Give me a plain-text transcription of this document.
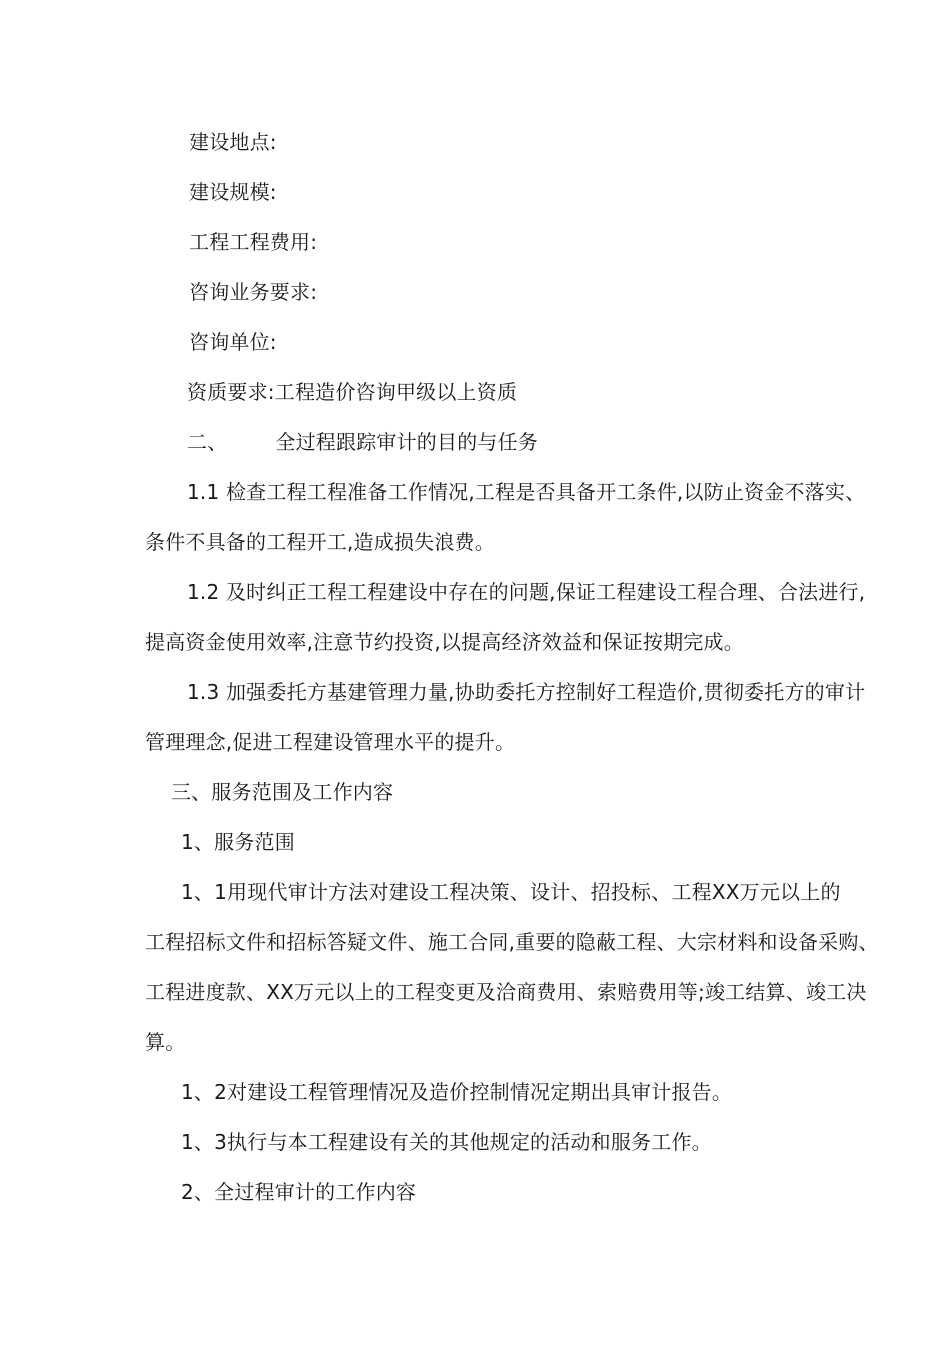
建设地点:
建设规模:
工程工程费用:
咨询业务要求:
咨询单位:
资质要求:工程造价咨询甲级以上资质
二、 全过程跟踪审计的目的与任务
1.1 检查工程工程准备工作情况,工程是否具备开工条件,以防止资金不落实、
条件不具备的工程开工,造成损失浪费。
1.2 及时纠正工程工程建设中存在的问题,保证工程建设工程合理、合法进行,
提高资金使用效率,注意节约投资,以提高经济效益和保证按期完成。
1.3 加强委托方基建管理力量,协助委托方控制好工程造价,贯彻委托方的审计
管理理念,促进工程建设管理水平的提升。
三、服务范围及工作内容
1、服务范围
1、1用现代审计方法对建设工程决策、设计、招投标、工程XX万元以上的
工程招标文件和招标答疑文件、施工合同,重要的隐蔽工程、大宗材料和设备采购、
工程进度款、XX万元以上的工程变更及洽商费用、索赔费用等;竣工结算、竣工决
算。
1、2对建设工程管理情况及造价控制情况定期出具审计报告。
1、3执行与本工程建设有关的其他规定的活动和服务工作。
2、全过程审计的工作内容
